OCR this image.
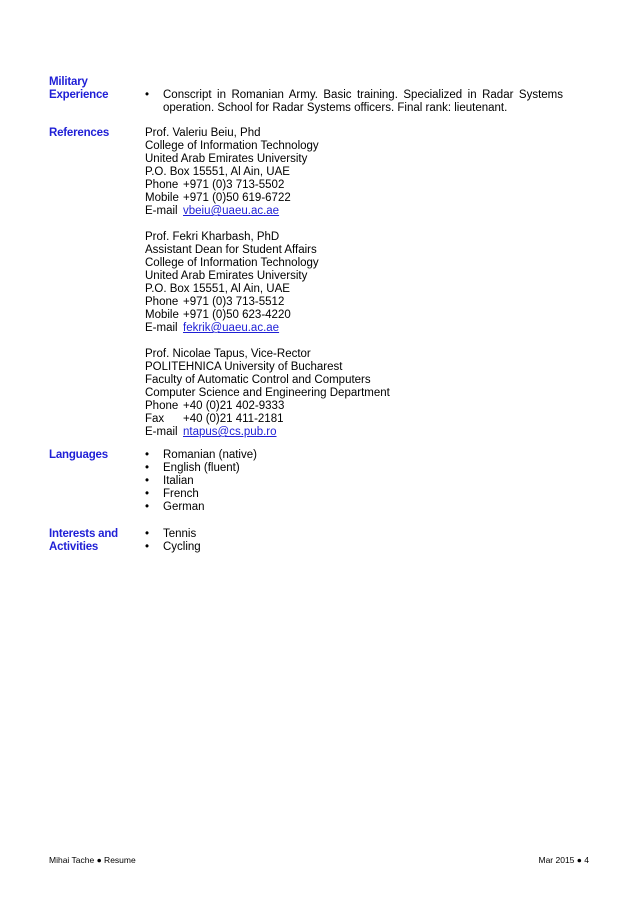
Military
Experience	•	Conscript in Romanian Army. Basic training. Specialized in Radar Systems operation. School for Radar Systems officers. Final rank: lieutenant.
References	Prof. Valeriu Beiu, Phd
College of Information Technology
United Arab Emirates University
P.O. Box 15551, Al Ain, UAE
Phone +971 (0)3 713-5502
Mobile +971 (0)50 619-6722
E-mail vbeiu@uaeu.ac.ae
Prof. Fekri Kharbash, PhD
Assistant Dean for Student Affairs
College of Information Technology
United Arab Emirates University
P.O. Box 15551, Al Ain, UAE
Phone +971 (0)3 713-5512
Mobile +971 (0)50 623-4220
E-mail fekrik@uaeu.ac.ae
Prof. Nicolae Tapus, Vice-Rector
POLITEHNICA University of Bucharest
Faculty of Automatic Control and Computers
Computer Science and Engineering Department
Phone +40 (0)21 402-9333
Fax +40 (0)21 411-2181
E-mail ntapus@cs.pub.ro
Languages	•	Romanian (native)
•	English (fluent)
•	Italian
•	French
•	German
Interests and
Activities
•	Tennis
•	Cycling
Mihai Tache ● Resume	Mar 2015 ● 4
